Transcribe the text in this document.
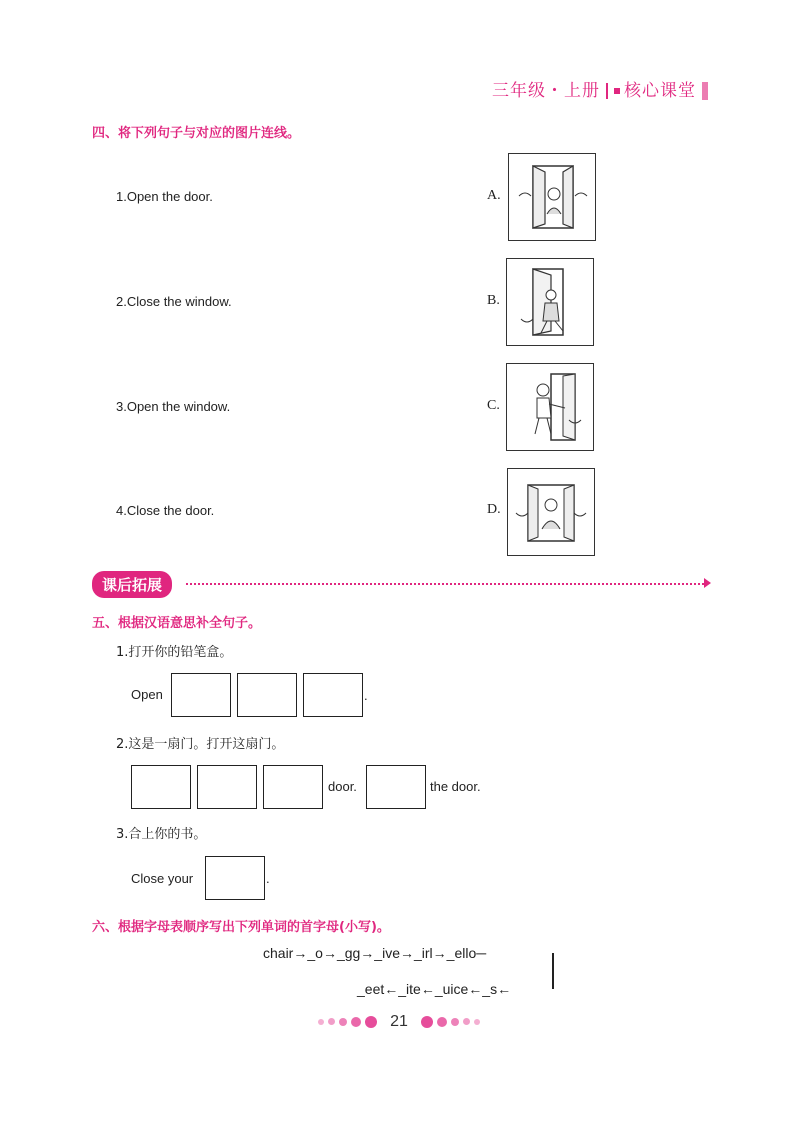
三年级・上册 核心课堂
四、将下列句子与对应的图片连线。
1.Open the door.
2.Close the window.
3.Open the window.
4.Close the door.
A.
B.
C.
D.
课后拓展
五、根据汉语意思补全句子。
1.打开你的铅笔盒。
Open	.
2.这是一扇门。打开这扇门。
door.	the door.
3.合上你的书。
Close your	.
六、根据字母表顺序写出下列单词的首字母(小写)。
chair→_o→_gg→_ive→_irl→_ello─
_eet←_ite←_uice←_s←
21
